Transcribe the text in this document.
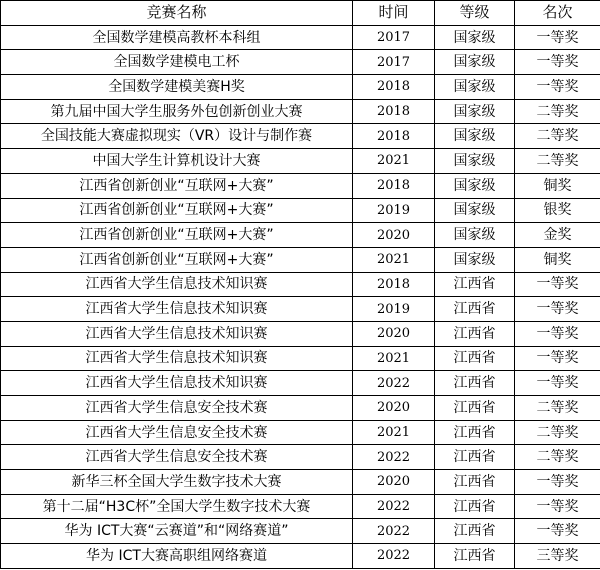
竞赛名称	时间	等级	名次
全国数学建模高教杯本科组	2017	国家级	一等奖
全国数学建模电工杯	2017	国家级	一等奖
全国数学建模美赛H奖	2018	国家级	一等奖
第九届中国大学生服务外包创新创业大赛	2018	国家级	二等奖
全国技能大赛虚拟现实（VR）设计与制作赛	2018	国家级	二等奖
中国大学生计算机设计大赛	2021	国家级	二等奖
江西省创新创业“互联网+大赛”	2018	国家级	铜奖
江西省创新创业“互联网+大赛”	2019	国家级	银奖
江西省创新创业“互联网+大赛”	2020	国家级	金奖
江西省创新创业“互联网+大赛”	2021	国家级	铜奖
江西省大学生信息技术知识赛	2018	江西省	一等奖
江西省大学生信息技术知识赛	2019	江西省	一等奖
江西省大学生信息技术知识赛	2020	江西省	一等奖
江西省大学生信息技术知识赛	2021	江西省	一等奖
江西省大学生信息技术知识赛	2022	江西省	一等奖
江西省大学生信息安全技术赛	2020	江西省	二等奖
江西省大学生信息安全技术赛	2021	江西省	二等奖
江西省大学生信息安全技术赛	2022	江西省	二等奖
新华三杯全国大学生数字技术大赛	2020	江西省	一等奖
第十二届“H3C杯”全国大学生数字技术大赛	2022	江西省	一等奖
华为 ICT大赛“云赛道”和“网络赛道”	2022	江西省	一等奖
华为 ICT大赛高职组网络赛道	2022	江西省	三等奖
